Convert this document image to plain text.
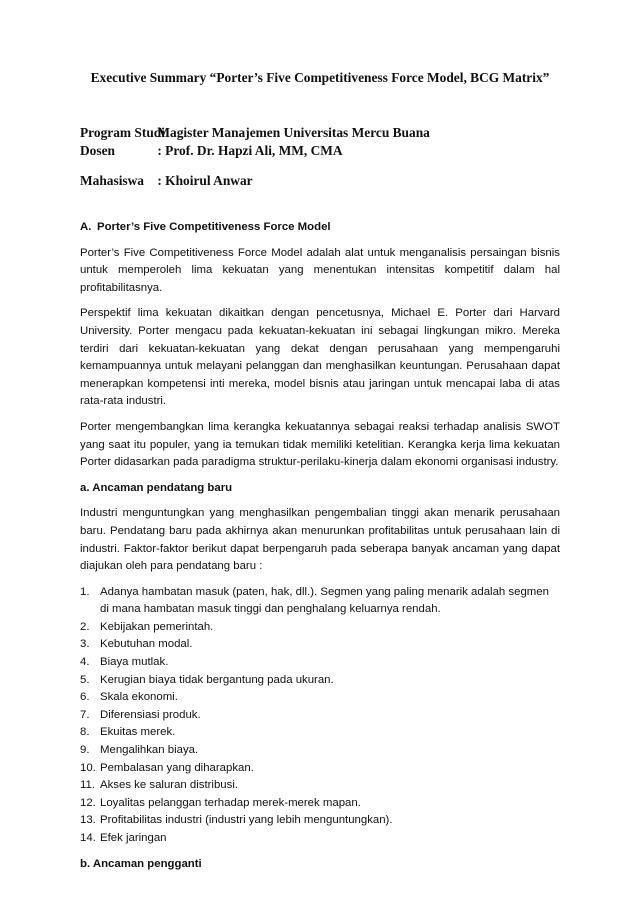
Executive Summary “Porter’s Five Competitiveness Force Model, BCG Matrix”
Program Studi Magister Manajemen Universitas Mercu Buana
Dosen	: Prof. Dr. Hapzi Ali, MM, CMA
Mahasiswa : Khoirul Anwar
A. Porter’s Five Competitiveness Force Model

Porter’s Five Competitiveness Force Model adalah alat untuk menganalisis persaingan bisnis untuk memperoleh lima kekuatan yang menentukan intensitas kompetitif dalam hal profitabilitasnya.

Perspektif lima kekuatan dikaitkan dengan pencetusnya, Michael E. Porter dari Harvard University. Porter mengacu pada kekuatan-kekuatan ini sebagai lingkungan mikro. Mereka terdiri dari kekuatan-kekuatan yang dekat dengan perusahaan yang mempengaruhi kemampuannya untuk melayani pelanggan dan menghasilkan keuntungan. Perusahaan dapat menerapkan kompetensi inti mereka, model bisnis atau jaringan untuk mencapai laba di atas rata-rata industri.

Porter mengembangkan lima kerangka kekuatannya sebagai reaksi terhadap analisis SWOT yang saat itu populer, yang ia temukan tidak memiliki ketelitian. Kerangka kerja lima kekuatan Porter didasarkan pada paradigma struktur-perilaku-kinerja dalam ekonomi organisasi industry.

a. Ancaman pendatang baru

Industri menguntungkan yang menghasilkan pengembalian tinggi akan menarik perusahaan baru. Pendatang baru pada akhirnya akan menurunkan profitabilitas untuk perusahaan lain di industri. Faktor-faktor berikut dapat berpengaruh pada seberapa banyak ancaman yang dapat diajukan oleh para pendatang baru :

1. Adanya hambatan masuk (paten, hak, dll.). Segmen yang paling menarik adalah segmen di mana hambatan masuk tinggi dan penghalang keluarnya rendah.
2. Kebijakan pemerintah.
3. Kebutuhan modal.
4. Biaya mutlak.
5. Kerugian biaya tidak bergantung pada ukuran.
6. Skala ekonomi.
7. Diferensiasi produk.
8. Ekuitas merek.
9. Mengalihkan biaya.
10. Pembalasan yang diharapkan.
11. Akses ke saluran distribusi.
12. Loyalitas pelanggan terhadap merek-merek mapan.
13. Profitabilitas industri (industri yang lebih menguntungkan).
14. Efek jaringan
b. Ancaman pengganti
